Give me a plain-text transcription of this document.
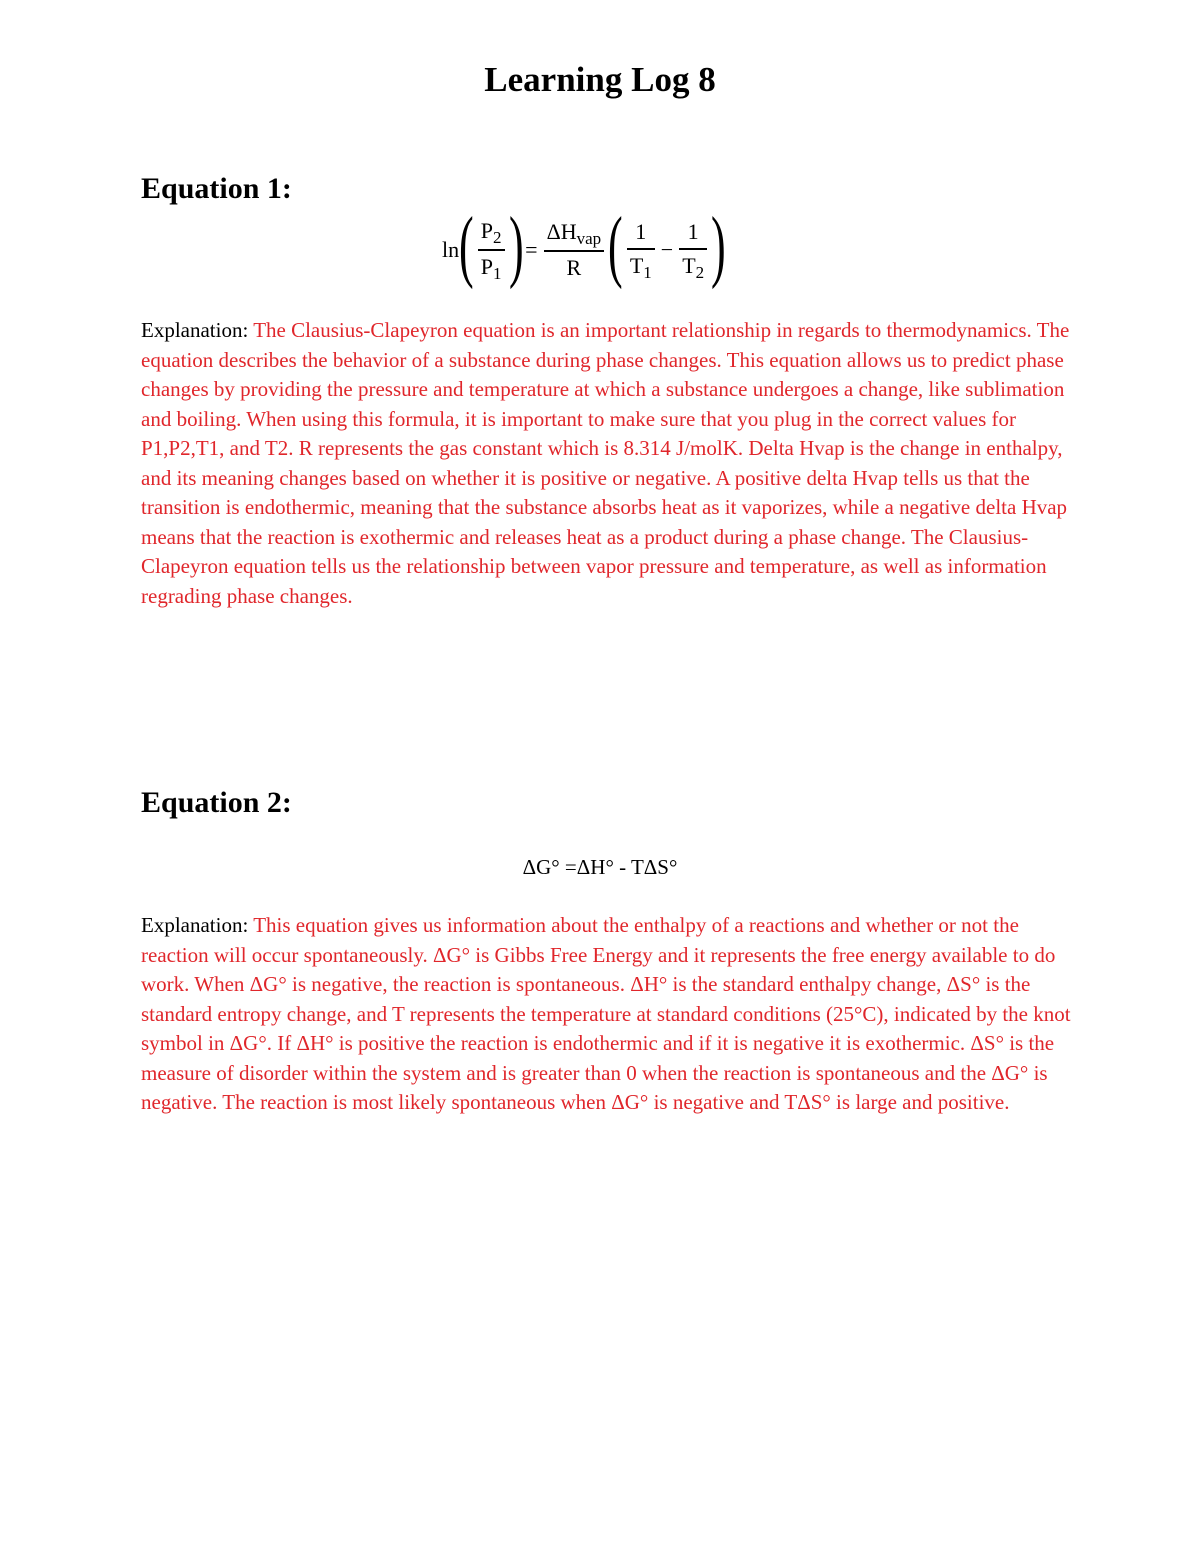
Learning Log 8
Equation 1:
ln ( $\frac{P_2}{P_1}$ ) = $\frac{\Delta H_{vap}}{R}$ ( $\frac{1}{T_1} - \frac{1}{T_2}$ )
Explanation: The Clausius-Clapeyron equation is an important relationship in regards to thermodynamics. The equation describes the behavior of a substance during phase changes. This equation allows us to predict phase changes by providing the pressure and temperature at which a substance undergoes a change, like sublimation and boiling. When using this formula, it is important to make sure that you plug in the correct values for P1,P2,T1, and T2. R represents the gas constant which is 8.314 J/molK. Delta Hvap is the change in enthalpy, and its meaning changes based on whether it is positive or negative. A positive delta Hvap tells us that the transition is endothermic, meaning that the substance absorbs heat as it vaporizes, while a negative delta Hvap means that the reaction is exothermic and releases heat as a product during a phase change. The Clausius-Clapeyron equation tells us the relationship between vapor pressure and temperature, as well as information regrading phase changes.
Equation 2:
ΔG° =ΔH° - TΔS°
Explanation: This equation gives us information about the enthalpy of a reactions and whether or not the reaction will occur spontaneously. ΔG° is Gibbs Free Energy and it represents the free energy available to do work. When ΔG° is negative, the reaction is spontaneous. ΔH° is the standard enthalpy change, ΔS° is the standard entropy change, and T represents the temperature at standard conditions (25°C), indicated by the knot symbol in ΔG°. If ΔH° is positive the reaction is endothermic and if it is negative it is exothermic. ΔS° is the measure of disorder within the system and is greater than 0 when the reaction is spontaneous and the ΔG° is negative. The reaction is most likely spontaneous when ΔG° is negative and TΔS° is large and positive.
